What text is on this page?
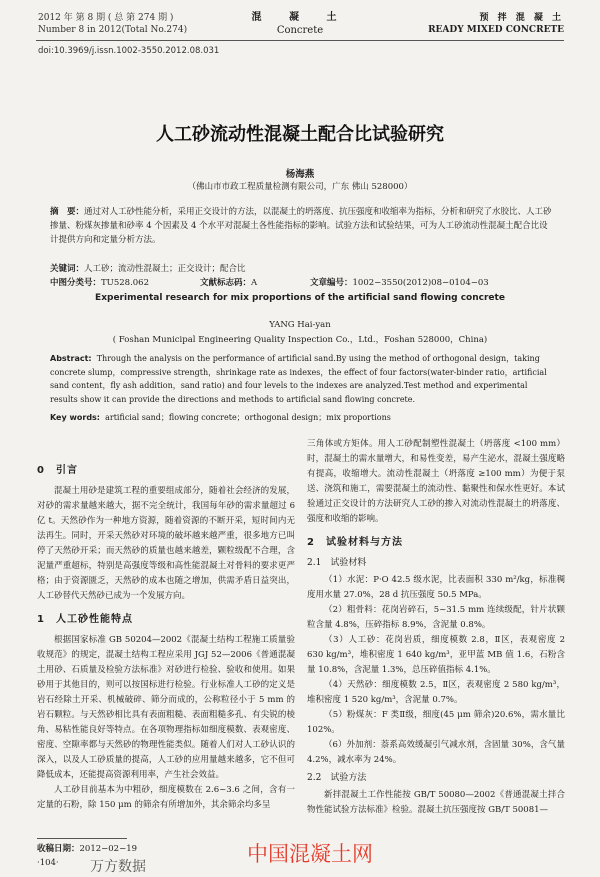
2012 年 第 8 期 ( 总 第 274 期 )
Number 8 in 2012(Total No.274)
混 凝 土
Concrete
预 拌 混 凝 土
READY MIXED CONCRETE
doi:10.3969/j.issn.1002-3550.2012.08.031
人工砂流动性混凝土配合比试验研究
杨海燕
（佛山市市政工程质量检测有限公司，广东 佛山 528000）
摘　要：通过对人工砂性能分析，采用正交设计的方法，以混凝土的坍落度、抗压强度和收缩率为指标，分析和研究了水胶比、人工砂掺量、粉煤灰掺量和砂率 4 个因素及 4 个水平对混凝土各性能指标的影响。试验方法和试验结果，可为人工砂流动性混凝土配合比设计提供方向和定量分析方法。
关键词：人工砂；流动性混凝土；正交设计；配合比
中图分类号：TU528.062	文献标志码：A	文章编号：1002−3550(2012)08−0104−03
Experimental research for mix proportions of the artificial sand flowing concrete
YANG Hai-yan
( Foshan Municipal Engineering Quality Inspection Co.，Ltd.，Foshan 528000，China)
Abstract: Through the analysis on the performance of artificial sand.By using the method of orthogonal design，taking concrete slump，compressive strength，shrinkage rate as indexes，the effect of four factors(water-binder ratio，artificial sand content，fly ash addition，sand ratio) and four levels to the indexes are analyzed.Test method and experimental results show it can provide the directions and methods to artificial sand flowing concrete.
Key words: artificial sand；flowing concrete；orthogonal design；mix proportions
0　引言

混凝土用砂是建筑工程的重要组成部分，随着社会经济的发展，对砂的需求量越来越大，据不完全统计，我国每年砂的需求量超过 6 亿 t。天然砂作为一种地方资源，随着资源的不断开采，短时间内无法再生。同时，开采天然砂对环境的破坏越来越严重，很多地方已叫停了天然砂开采；而天然砂的质量也越来越差，颗粒级配不合理，含泥量严重超标，特别是高强度等级和高性能混凝土对骨料的要求更严格；由于资源匮乏，天然砂的成本也随之增加，供需矛盾日益突出，人工砂替代天然砂已成为一个发展方向。

1　人工砂性能特点

根据国家标准 GB 50204—2002《混凝土结构工程施工质量验收规范》的规定，混凝土结构工程应采用 JGJ 52—2006《普通混凝土用砂、石质量及检验方法标准》对砂进行检验、验收和使用。如果砂用于其他目的，则可以按国标进行检验。行业标准人工砂的定义是岩石经除土开采、机械破碎、筛分而成的，公称粒径小于 5 mm 的岩石颗粒。与天然砂相比具有表面粗糙、表面粗糙多孔、有尖锐的棱角、易粘性能良好等特点。在各项物理指标如细度模数、表观密度、密度、空隙率都与天然砂的物理性能类似。随着人们对人工砂认识的深入，以及人工砂质量的提高，人工砂的应用量越来越多，它不但可降低成本，还能提高资源利用率，产生社会效益。

人工砂目前基本为中粗砂，细度模数在 2.6~3.6 之间，含有一定量的石粉，除 150 μm 的筛余有所增加外，其余筛余均多呈

三角体或方矩体。用人工砂配制塑性混凝土（坍落度 <100 mm）时，混凝土的需水量增大，和易性变差，易产生泌水，混凝土强度略有提高，收缩增大。流动性混凝土（坍落度 ≥100 mm）为便于泵送、浇筑和施工，需要混凝土的流动性、黏聚性和保水性更好。本试验通过正交设计的方法研究人工砂的掺入对流动性混凝土的坍落度、强度和收缩的影响。

2　试验材料与方法
2.1　试验材料

（1）水泥：P·O 42.5 级水泥，比表面积 330 m²/kg，标准稠度用水量 27.0%，28 d 抗压强度 50.5 MPa。

（2）粗骨料：花岗岩碎石，5~31.5 mm 连续级配，针片状颗粒含量 4.8%，压碎指标 8.9%，含泥量 0.8%。

（3）人工砂：花岗岩质，细度模数 2.8，Ⅱ区，表观密度 2 630 kg/m³，堆积密度 1 640 kg/m³，亚甲蓝 MB 值 1.6，石粉含量 10.8%，含泥量 1.3%，总压碎值指标 4.1%。

（4）天然砂：细度模数 2.5，Ⅱ区，表观密度 2 580 kg/m³，堆积密度 1 520 kg/m³，含泥量 0.7%。

（5）粉煤灰：F 类Ⅱ级，细度(45 μm 筛余)20.6%，需水量比 102%。

（6）外加剂：萘系高效缓凝引气减水剂，含固量 30%，含气量 4.2%，减水率为 24%。

2.2　试验方法

新拌混凝土工作性能按 GB/T 50080—2002《普通混凝土拌合物性能试验方法标准》检验。混凝土抗压强度按 GB/T 50081—

收稿日期：2012−02−19
·104· 万方数据
中国混凝土网
